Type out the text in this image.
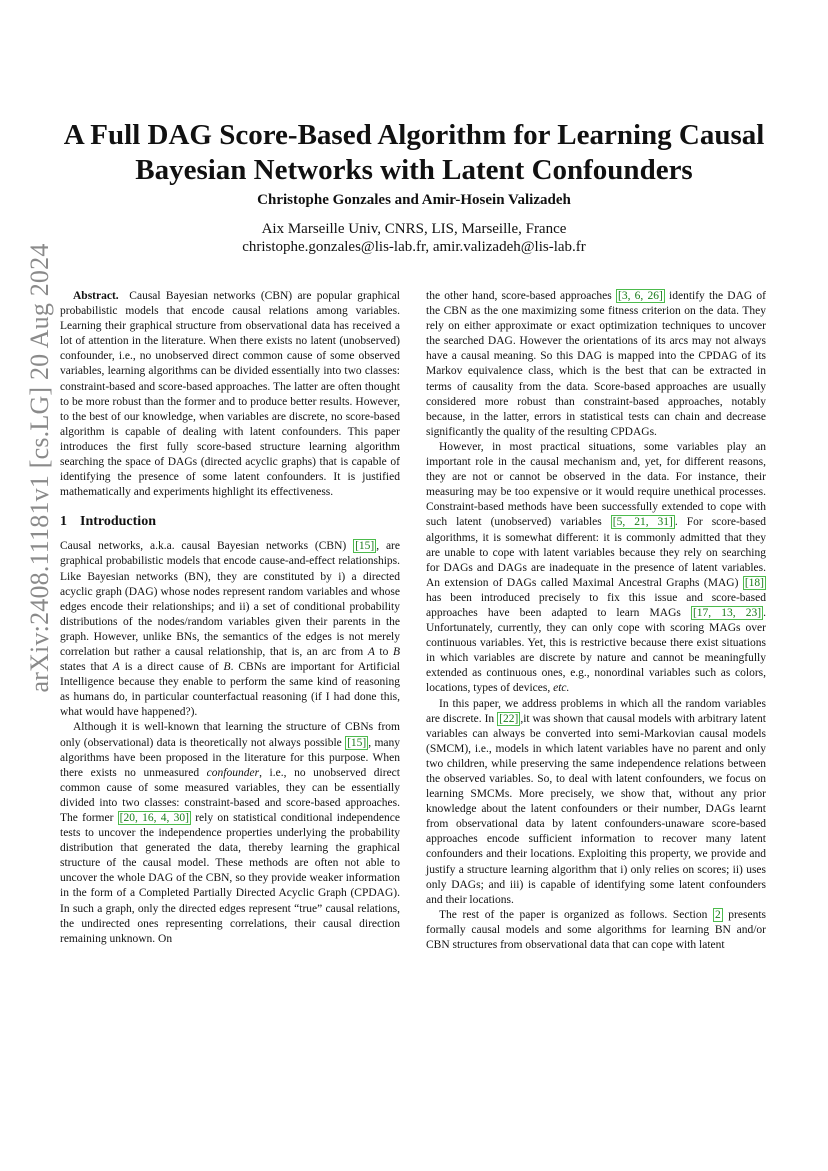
arXiv:2408.11181v1 [cs.LG] 20 Aug 2024
A Full DAG Score-Based Algorithm for Learning Causal
Bayesian Networks with Latent Confounders
Christophe Gonzales and Amir-Hosein Valizadeh
Aix Marseille Univ, CNRS, LIS, Marseille, France
christophe.gonzales@lis-lab.fr, amir.valizadeh@lis-lab.fr

Abstract. Causal Bayesian networks (CBN) are popular graphical probabilistic models that encode causal relations among variables. Learning their graphical structure from observational data has received a lot of attention in the literature. When there exists no latent (unobserved) confounder, i.e., no unobserved direct common cause of some observed variables, learning algorithms can be divided essentially into two classes: constraint-based and score-based approaches. The latter are often thought to be more robust than the former and to produce better results. However, to the best of our knowledge, when variables are discrete, no score-based algorithm is capable of dealing with latent confounders. This paper introduces the first fully score-based structure learning algorithm searching the space of DAGs (directed acyclic graphs) that is capable of identifying the presence of some latent confounders. It is justified mathematically and experiments highlight its effectiveness.

1 Introduction

Causal networks, a.k.a. causal Bayesian networks (CBN) [15] , are graphical probabilistic models that encode cause-and-effect relationships. Like Bayesian networks (BN), they are constituted by i) a directed acyclic graph (DAG) whose nodes represent random variables and whose edges encode their relationships; and ii) a set of conditional probability distributions of the nodes/random variables given their parents in the graph. However, unlike BNs, the semantics of the edges is not merely correlation but rather a causal relationship, that is, an arc from A to B states that A is a direct cause of B. CBNs are important for Artificial Intelligence because they enable to perform the same kind of reasoning as humans do, in particular counterfactual reasoning (if I had done this, what would have happened?).

Although it is well-known that learning the structure of CBNs from only (observational) data is theoretically not always possible [15] , many algorithms have been proposed in the literature for this purpose. When there exists no unmeasured confounder, i.e., no unobserved direct common cause of some measured variables, they can be essentially divided into two classes: constraint-based and score-based approaches. The former [20, 16, 4, 30] rely on statistical conditional independence tests to uncover the independence properties underlying the probability distribution that generated the data, thereby learning the graphical structure of the causal model. These methods are often not able to uncover the whole DAG of the CBN, so they provide weaker information in the form of a Completed Partially Directed Acyclic Graph (CPDAG). In such a graph, only the directed edges represent “true” causal relations, the undirected ones representing correlations, their causal direction remaining unknown. On

the other hand, score-based approaches [3, 6, 26] identify the DAG of the CBN as the one maximizing some fitness criterion on the data. They rely on either approximate or exact optimization techniques to uncover the searched DAG. However the orientations of its arcs may not always have a causal meaning. So this DAG is mapped into the CPDAG of its Markov equivalence class, which is the best that can be extracted in terms of causality from the data. Score-based approaches are usually considered more robust than constraint-based approaches, notably because, in the latter, errors in statistical tests can chain and decrease significantly the quality of the resulting CPDAGs.

However, in most practical situations, some variables play an important role in the causal mechanism and, yet, for different reasons, they are not or cannot be observed in the data. For instance, their measuring may be too expensive or it would require unethical processes. Constraint-based methods have been successfully extended to cope with such latent (unobserved) variables [5, 21, 31] . For score-based algorithms, it is somewhat different: it is commonly admitted that they are unable to cope with latent variables because they rely on searching for DAGs and DAGs are inadequate in the presence of latent variables. An extension of DAGs called Maximal Ancestral Graphs (MAG) [18] has been introduced precisely to fix this issue and score-based approaches have been adapted to learn MAGs [17, 13, 23] . Unfortunately, currently, they can only cope with scoring MAGs over continuous variables. Yet, this is restrictive because there exist situations in which variables are discrete by nature and cannot be meaningfully extended as continuous ones, e.g., nonordinal variables such as colors, locations, types of devices, etc.

In this paper, we address problems in which all the random variables are discrete. In [22] ,it was shown that causal models with arbitrary latent variables can always be converted into semi-Markovian causal models (SMCM), i.e., models in which latent variables have no parent and only two children, while preserving the same independence relations between the observed variables. So, to deal with latent confounders, we focus on learning SMCMs. More precisely, we show that, without any prior knowledge about the latent confounders or their number, DAGs learnt from observational data by latent confounders-unaware score-based approaches encode sufficient information to recover many latent confounders and their locations. Exploiting this property, we provide and justify a structure learning algorithm that i) only relies on scores; ii) uses only DAGs; and iii) is capable of identifying some latent confounders and their locations.

The rest of the paper is organized as follows. Section 2 presents formally causal models and some algorithms for learning BN and/or CBN structures from observational data that can cope with latent
